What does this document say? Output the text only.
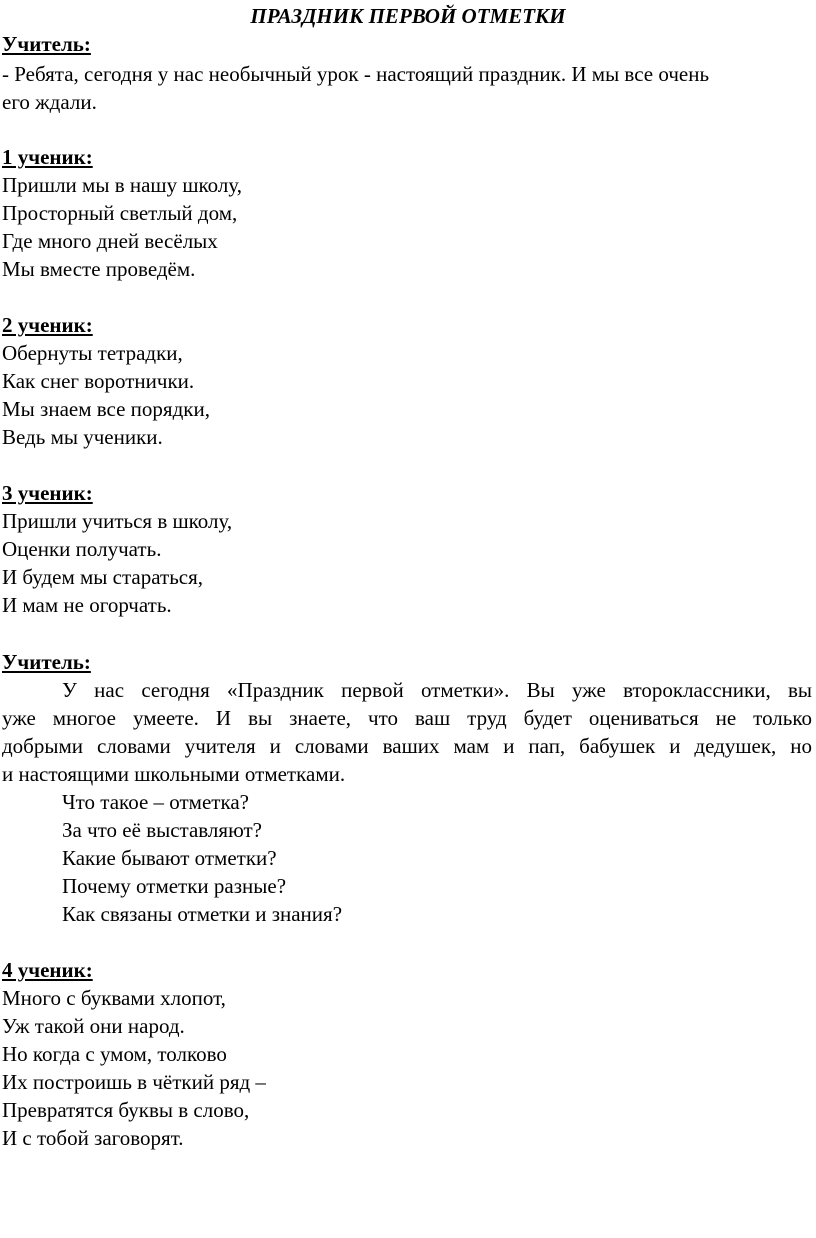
ПРАЗДНИК ПЕРВОЙ ОТМЕТКИ
Учитель:
- Ребята, сегодня у нас необычный урок - настоящий праздник. И мы все очень
его ждали.
1 ученик:
Пришли мы в нашу школу,
Просторный светлый дом,
Где много дней весёлых
Мы вместе проведём.
2 ученик:
Обернуты тетрадки,
Как снег воротнички.
Мы знаем все порядки,
Ведь мы ученики.
3 ученик:
Пришли учиться в школу,
Оценки получать.
И будем мы стараться,
И мам не огорчать.
Учитель:
У нас сегодня «Праздник первой отметки». Вы уже второклассники, вы
уже многое умеете. И вы знаете, что ваш труд будет оцениваться не только
добрыми словами учителя и словами ваших мам и пап, бабушек и дедушек, но
и настоящими школьными отметками.
Что такое – отметка?
За что её выставляют?
Какие бывают отметки?
Почему отметки разные?
Как связаны отметки и знания?
4 ученик:
Много с буквами хлопот,
Уж такой они народ.
Но когда с умом, толково
Их построишь в чёткий ряд –
Превратятся буквы в слово,
И с тобой заговорят.
